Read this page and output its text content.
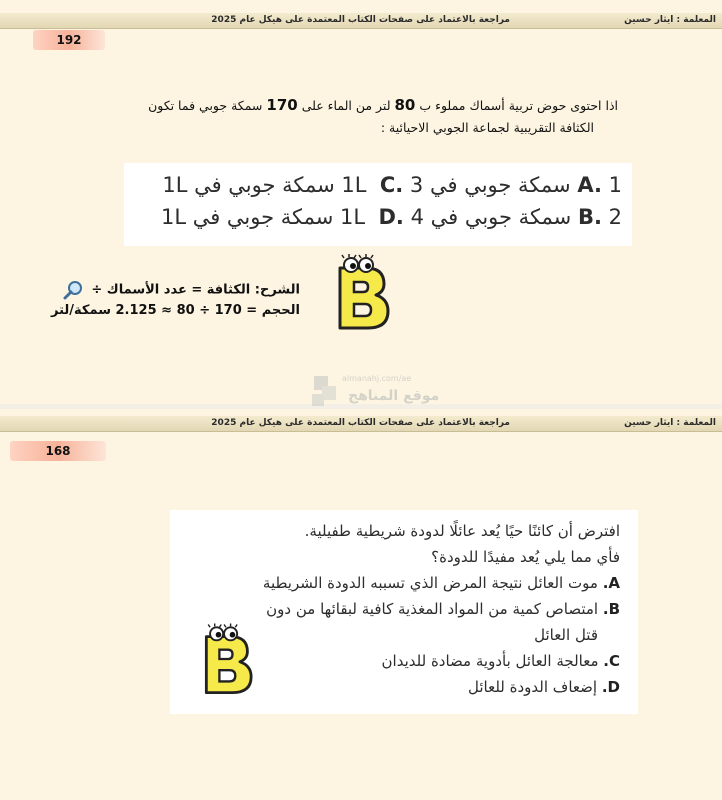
المعلمة : ايثار حسين
مراجعة بالاعتماد على صفحات الكتاب المعتمدة على هيكل عام 2025
192
اذا احتوى حوض تربية أسماك مملوء ب 80 لتر من الماء على 170 سمكة جوبي فما تكون
الكثافة التقريبية لجماعة الجوبي الاحيائية :
A. 1 سمكة جوبي في 1L  C. 3 سمكة جوبي في 1L
B. 2 سمكة جوبي في 1L  D. 4 سمكة جوبي في 1L
الشرح: الكثافة = عدد الأسماك ÷
الحجم = 170 ÷ 80 ≈ 2.125 سمكة/لتر	B
almanahj.com/ae
موقع المناهج
المعلمة : ايثار حسين
مراجعة بالاعتماد على صفحات الكتاب المعتمدة على هيكل عام 2025
168
افترض أن كائنًا حيًا يُعد عائلًا لدودة شريطية طفيلية.
فأي مما يلي يُعد مفيدًا للدودة؟
A. موت العائل نتيجة المرض الذي تسببه الدودة الشريطية
B. امتصاص كمية من المواد المغذية كافية لبقائها من دون
قتل العائل
C. معالجة العائل بأدوية مضادة للديدان
D. إضعاف الدودة للعائل
B
